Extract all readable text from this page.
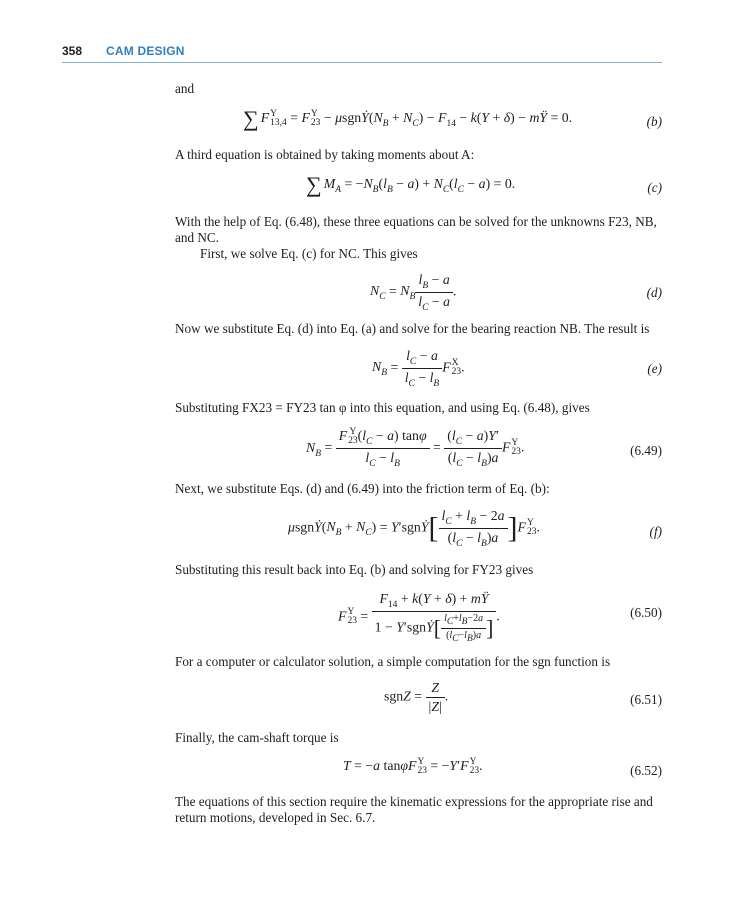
358 CAM DESIGN
and
∑ F Y
13,4 = F Y
$23 - \mu sgnẎ(N_B + N_C) - F_{14} - k(Y + \delta)$ − mŸ = 0.	(b)
A third equation is obtained by taking moments about A:
∑ $M_A = -N_B(l_B - a) + N_C(l_C - a) = 0$.	(c)
With the help of Eq. (6.48), these three equations can be solved for the unknowns F23, NB,
and NC.
First, we solve Eq. (c) for NC. This gives
$N_C = N_B \frac{l_B - a}{l_C - a}$ .	(d)
Now we substitute Eq. (d) into Eq. (a) and solve for the bearing reaction NB. The result is
$N_B = \frac{l_C - a}{l_C - l_B}$ F X
23 .	(e)
Substituting FX23 = FY23 tan φ into this equation, and using Eq. (6.48), gives
$N_B = F$ Y
23 $(l_C - a)$ tanφ
$l_C - l_B = \frac{(l_C - a)Y'}{(l_C - l_B)a}$ F Y
23 .	(6.49)
Next, we substitute Eqs. (d) and (6.49) into the friction term of Eq. (b):
$\mu sgnẎ(N_B + N_C)$ = Y′sgnẎ[ $\frac{l_C + l_B - 2a}{(l_C - l_B)a} ]F$ Y
23 .	(f)
Substituting this result back into Eq. (b) and solving for FY23 gives
F Y
$23 = \frac{F_{14} + k(Y + \delta) + mŸ}{1 - Y'sgnẎ[ \frac{l_C+l_B-2a}{(l_C-l_B)a} ]}$ .	(6.50)
For a computer or calculator solution, a simple computation for the sgn function is
sgnZ = $\frac{Z}{|Z|}$ .	(6.51)
Finally, the cam-shaft torque is
T = −a tanφF Y
23 = −Y′F Y
23 .	(6.52)
The equations of this section require the kinematic expressions for the appropriate rise and
return motions, developed in Sec. 6.7.
